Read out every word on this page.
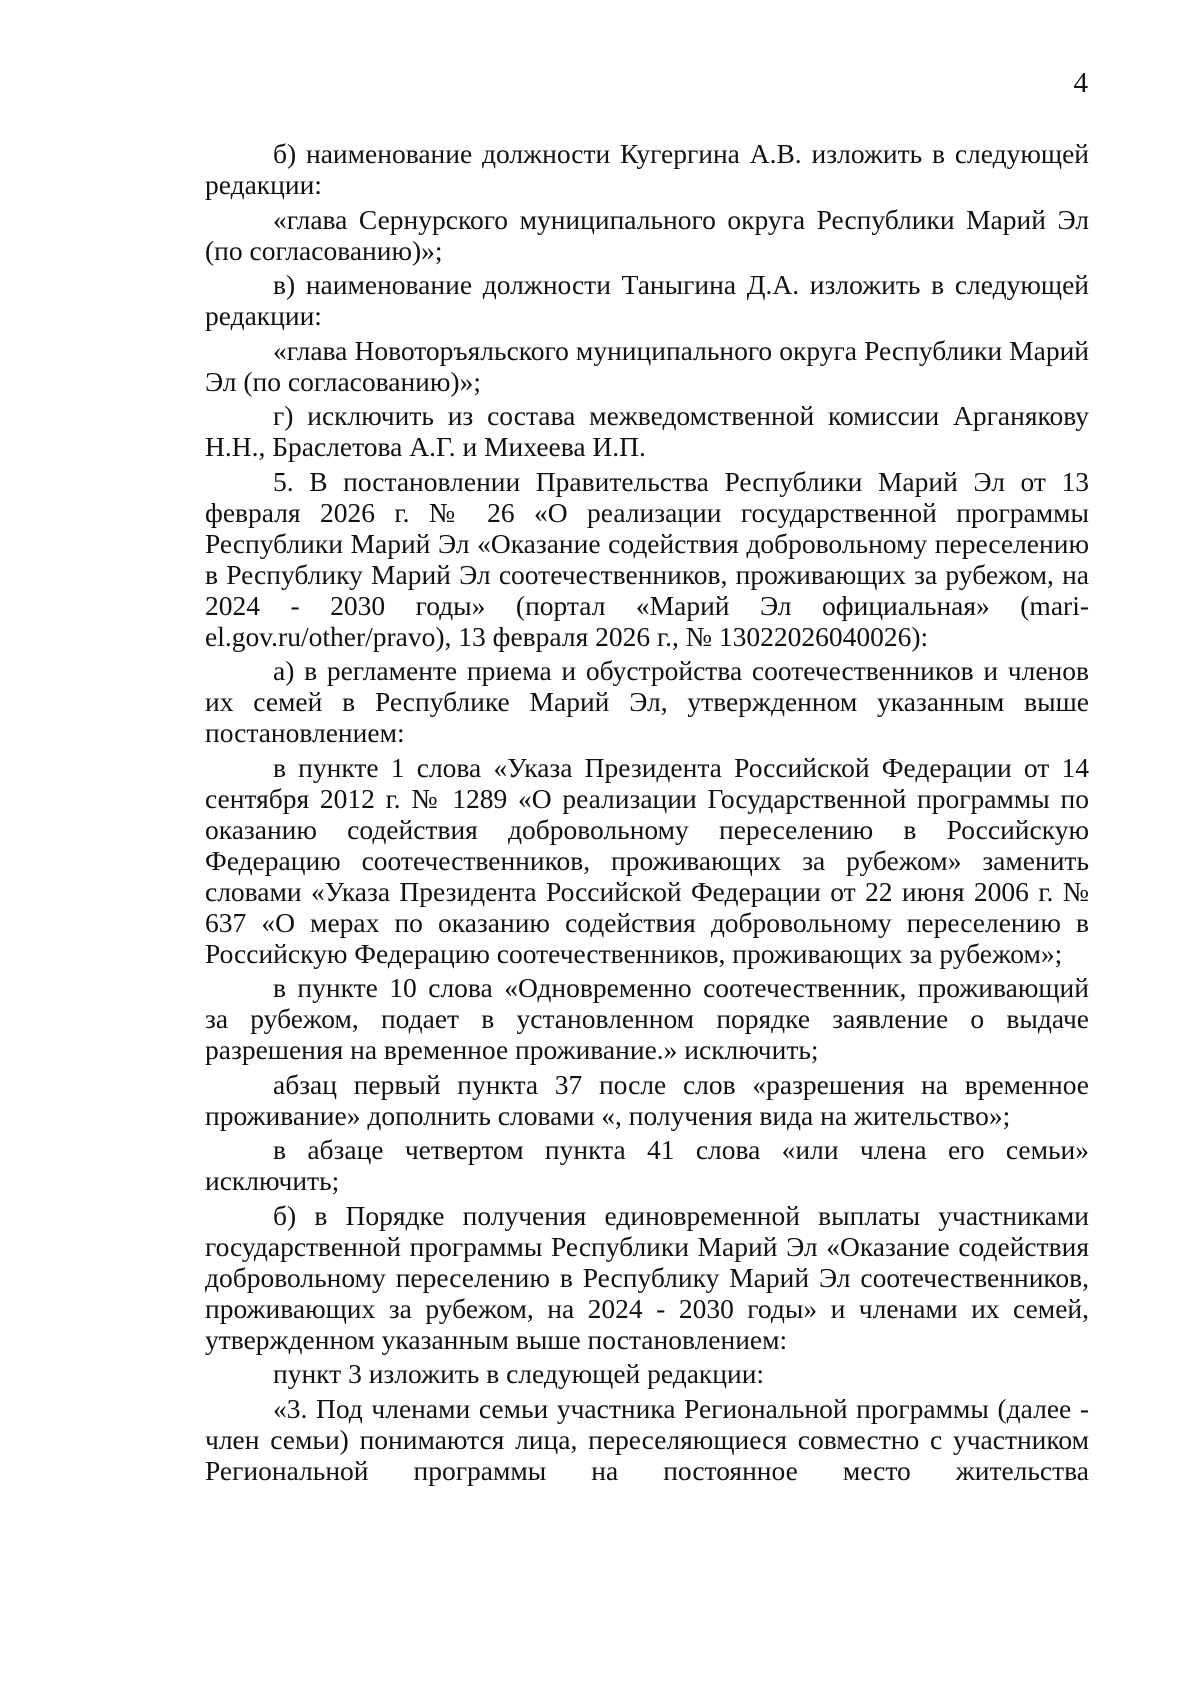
4

б) наименование должности Кугергина А.В. изложить в следующей редакции:

«глава Сернурского муниципального округа Республики Марий Эл (по согласованию)»;

в) наименование должности Таныгина Д.А. изложить в следующей редакции:

«глава Новоторъяльского муниципального округа Республики Марий Эл (по согласованию)»;

г) исключить из состава межведомственной комиссии Арганякову Н.Н., Браслетова А.Г. и Михеева И.П.

5. В постановлении Правительства Республики Марий Эл от 13 февраля 2026 г. № 26 «О реализации государственной программы Республики Марий Эл «Оказание содействия добровольному переселению в Республику Марий Эл соотечественников, проживающих за рубежом, на 2024 - 2030 годы» (портал «Марий Эл официальная» (mari-el.gov.ru/other/pravo), 13 февраля 2026 г., № 13022026040026):

а) в регламенте приема и обустройства соотечественников и членов их семей в Республике Марий Эл, утвержденном указанным выше постановлением:

в пункте 1 слова «Указа Президента Российской Федерации от 14 сентября 2012 г. № 1289 «О реализации Государственной программы по оказанию содействия добровольному переселению в Российскую Федерацию соотечественников, проживающих за рубежом» заменить словами «Указа Президента Российской Федерации от 22 июня 2006 г. № 637 «О мерах по оказанию содействия добровольному переселению в Российскую Федерацию соотечественников, проживающих за рубежом»;

в пункте 10 слова «Одновременно соотечественник, проживающий за рубежом, подает в установленном порядке заявление о выдаче разрешения на временное проживание.» исключить;

абзац первый пункта 37 после слов «разрешения на временное проживание» дополнить словами «, получения вида на жительство»;

в абзаце четвертом пункта 41 слова «или члена его семьи» исключить;

б) в Порядке получения единовременной выплаты участниками государственной программы Республики Марий Эл «Оказание содействия добровольному переселению в Республику Марий Эл соотечественников, проживающих за рубежом, на 2024 - 2030 годы» и членами их семей, утвержденном указанным выше постановлением:

пункт 3 изложить в следующей редакции:

«3. Под членами семьи участника Региональной программы (далее - член семьи) понимаются лица, переселяющиеся совместно с участником Региональной программы на постоянное место жительства
